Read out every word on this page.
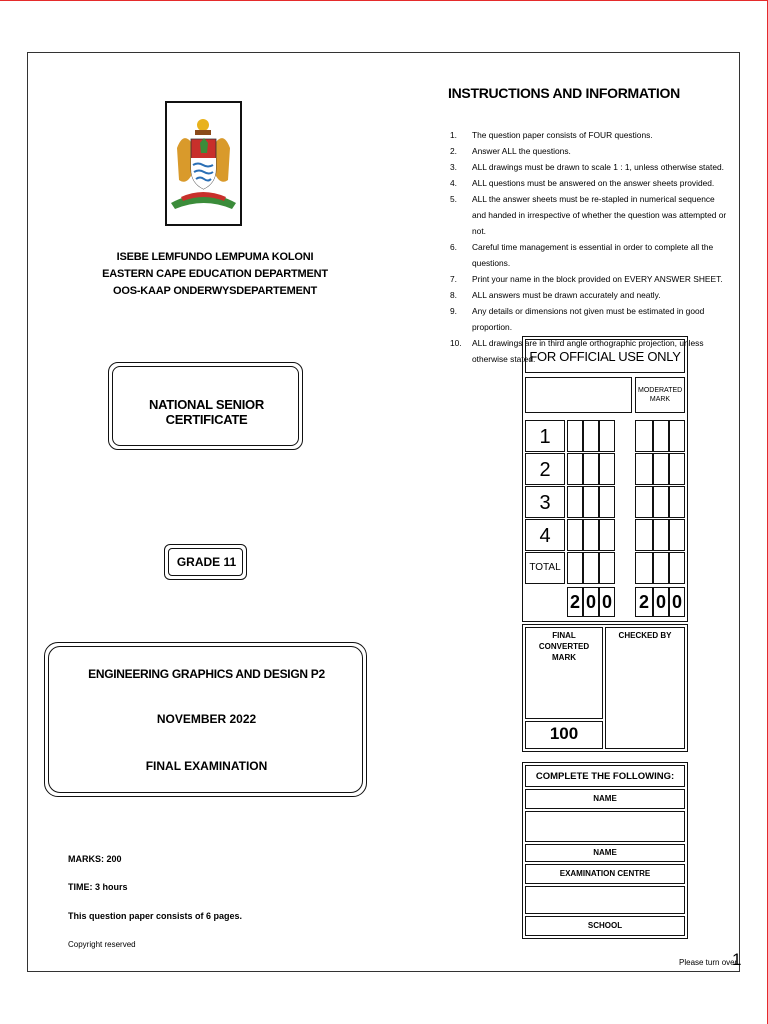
ISEBE LEMFUNDO LEMPUMA KOLONI
EASTERN CAPE EDUCATION DEPARTMENT
OOS-KAAP ONDERWYSDEPARTEMENT
NATIONAL SENIOR CERTIFICATE
GRADE 11
ENGINEERING GRAPHICS AND DESIGN P2
NOVEMBER 2022
FINAL EXAMINATION
MARKS: 200
TIME: 3 hours
This question paper consists of 6 pages.
Copyright reserved
INSTRUCTIONS AND INFORMATION
1.	The question paper consists of FOUR questions.
2.	Answer ALL the questions.
3.	ALL drawings must be drawn to scale 1 : 1, unless otherwise stated.
4.	ALL questions must be answered on the answer sheets provided.
5.	ALL the answer sheets must be re-stapled in numerical sequence and handed in irrespective of whether the question was attempted or not.
6.	Careful time management is essential in order to complete all the questions.
7.	Print your name in the block provided on EVERY ANSWER SHEET.
8.	ALL answers must be drawn accurately and neatly.
9.	Any details or dimensions not given must be estimated in good proportion.
10.	ALL drawings are in third angle orthographic projection, unless otherwise stated.
FOR OFFICIAL USE ONLY
MODERATED MARK
1
2
3
4
TOTAL
2 0 0 2 0 0
FINAL CONVERTED MARK
100
CHECKED BY
COMPLETE THE FOLLOWING:
NAME
NAME
EXAMINATION CENTRE
SCHOOL
Please turn over
1
